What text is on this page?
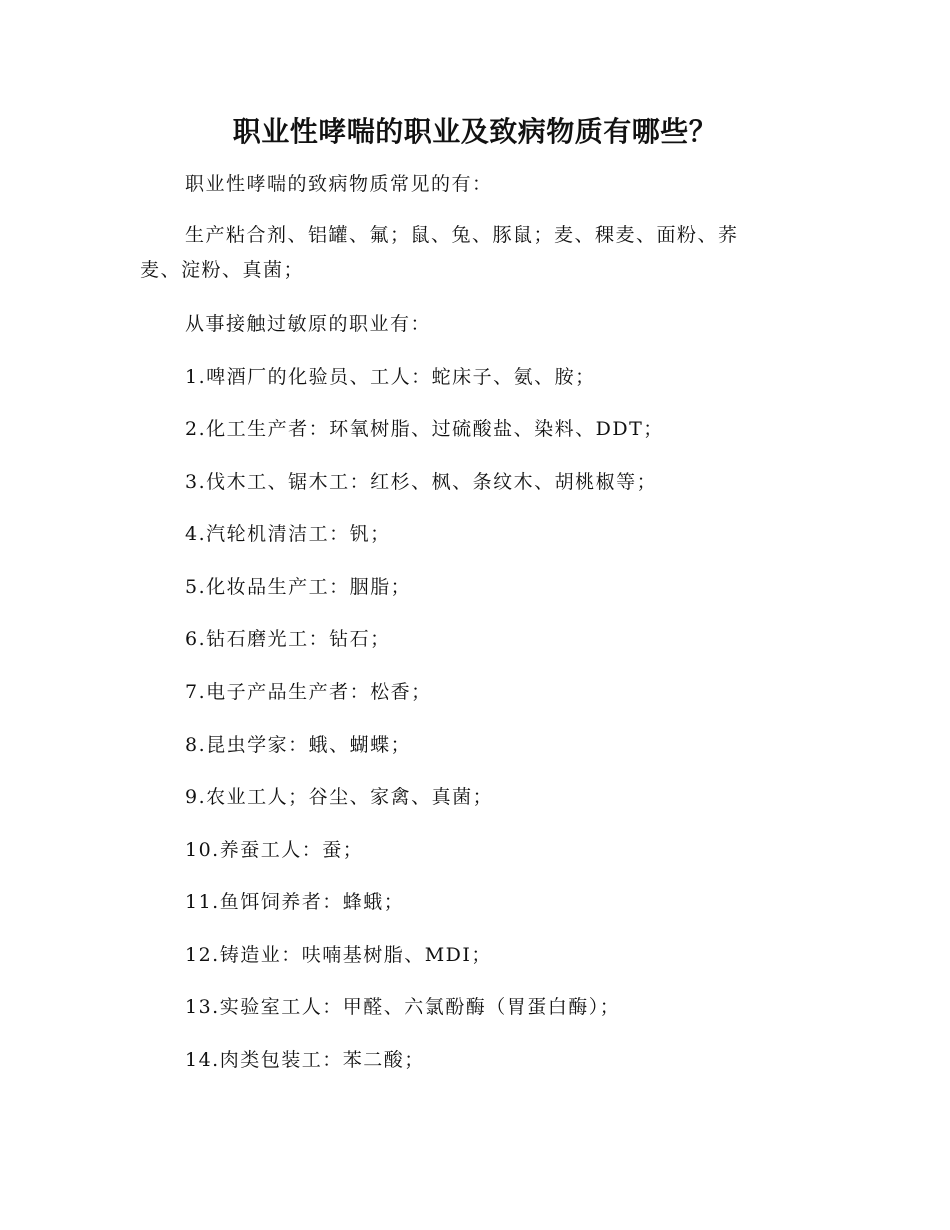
职业性哮喘的职业及致病物质有哪些？
职业性哮喘的致病物质常见的有：
生产粘合剂、铝罐、氟；鼠、兔、豚鼠；麦、稞麦、面粉、荞
麦、淀粉、真菌；
从事接触过敏原的职业有：
1.啤酒厂的化验员、工人：蛇床子、氨、胺；
2.化工生产者：环氧树脂、过硫酸盐、染料、DDT；
3.伐木工、锯木工：红杉、枫、条纹木、胡桃椒等；
4.汽轮机清洁工：钒；
5.化妆品生产工：胭脂；
6.钻石磨光工：钻石；
7.电子产品生产者：松香；
8.昆虫学家：蛾、蝴蝶；
9.农业工人；谷尘、家禽、真菌；
10.养蚕工人：蚕；
11.鱼饵饲养者：蜂蛾；
12.铸造业：呋喃基树脂、MDI；
13.实验室工人：甲醛、六氯酚酶（胃蛋白酶）；
14.肉类包装工：苯二酸；
